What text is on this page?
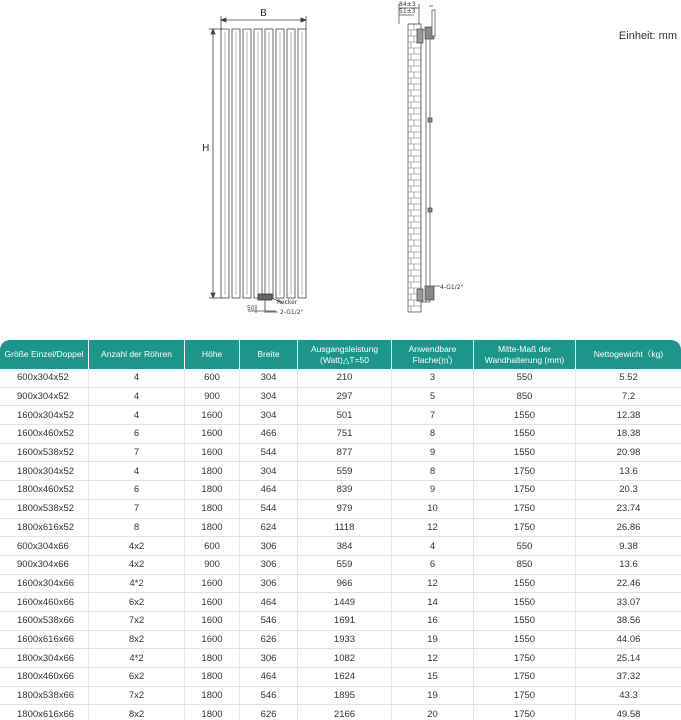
B
H
50
Rocker
2-G1/2"
84±3
51±3
4-G1/2"
Einheit: mm
Größe Einzel/Doppel	Anzahl der Röhren	Höhe	Breite	Ausgangsleistung (Watt)△T=50	Anwendbare Flache(㎡)	Mitte-Maß der Wandhalterung (mm)	Nettogewicht（kg)
600x304x52	4	600	304	210	3	550	5.52
900x304x52	4	900	304	297	5	850	7.2
1600x304x52	4	1600	304	501	7	1550	12.38
1600x460x52	6	1600	466	751	8	1550	18.38
1600x538x52	7	1600	544	877	9	1550	20.98
1800x304x52	4	1800	304	559	8	1750	13.6
1800x460x52	6	1800	464	839	9	1750	20.3
1800x538x52	7	1800	544	979	10	1750	23.74
1800x616x52	8	1800	624	1118	12	1750	26.86
600x304x66	4x2	600	306	384	4	550	9.38
900x304x66	4x2	900	306	559	6	850	13.6
1600x304x66	4*2	1600	306	966	12	1550	22.46
1600x460x66	6x2	1600	464	1449	14	1550	33.07
1600x538x66	7x2	1600	546	1691	16	1550	38.56
1600x616x66	8x2	1600	626	1933	19	1550	44.06
1800x304x66	4*2	1800	306	1082	12	1750	25.14
1800x460x66	6x2	1800	464	1624	15	1750	37.32
1800x538x66	7x2	1800	546	1895	19	1750	43.3
1800x616x66	8x2	1800	626	2166	20	1750	49.58
